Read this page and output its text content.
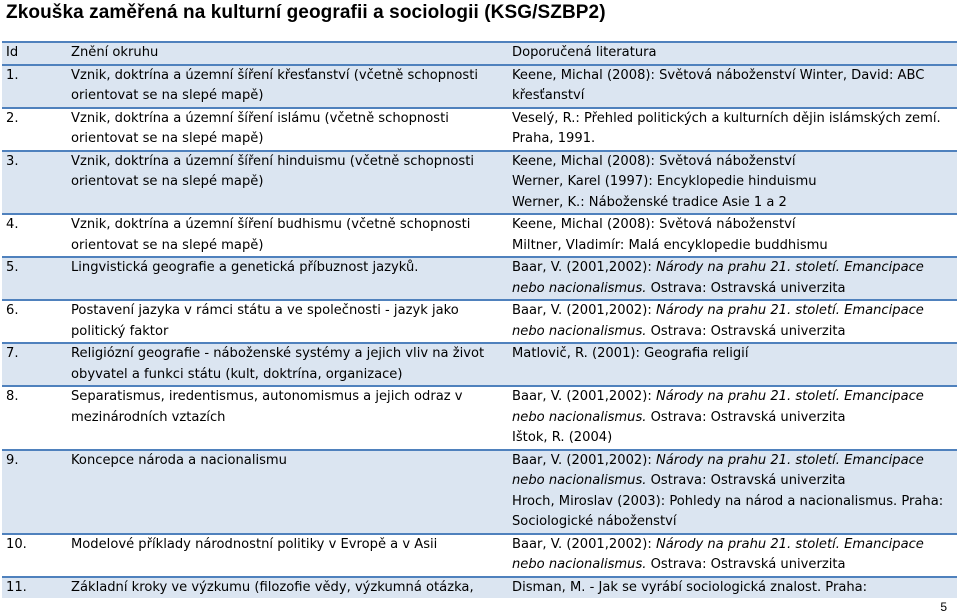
Zkouška zaměřená na kulturní geografii a sociologii (KSG/SZBP2)
Id	Znění okruhu	Doporučená literatura
1.	Vznik, doktrína a územní šíření křesťanství (včetně schopnosti orientovat se na slepé mapě)	Keene, Michal (2008): Světová náboženství Winter, David: ABC křesťanství

2.	Vznik, doktrína a územní šíření islámu (včetně schopnosti orientovat se na slepé mapě)	Veselý, R.: Přehled politických a kulturních dějin islámských zemí. Praha, 1991.

3.	Vznik, doktrína a územní šíření hinduismu (včetně schopnosti orientovat se na slepé mapě)	Keene, Michal (2008): Světová náboženství
Werner, Karel (1997): Encyklopedie hinduismu
Werner, K.: Náboženské tradice Asie 1 a 2

4.	Vznik, doktrína a územní šíření budhismu (včetně schopnosti orientovat se na slepé mapě)	Keene, Michal (2008): Světová náboženství
Miltner, Vladimír: Malá encyklopedie buddhismu

5.	Lingvistická geografie a genetická příbuznost jazyků.	Baar, V. (2001,2002): Národy na prahu 21. století. Emancipace nebo nacionalismus. Ostrava: Ostravská univerzita

6.	Postavení jazyka v rámci státu a ve společnosti - jazyk jako politický faktor	Baar, V. (2001,2002): Národy na prahu 21. století. Emancipace nebo nacionalismus. Ostrava: Ostravská univerzita

7.	Religiózní geografie - náboženské systémy a jejich vliv na život obyvatel a funkci státu (kult, doktrína, organizace)	Matlovič, R. (2001): Geografia religií

8.	Separatismus, iredentismus, autonomismus a jejich odraz v mezinárodních vztazích	Baar, V. (2001,2002): Národy na prahu 21. století. Emancipace nebo nacionalismus. Ostrava: Ostravská univerzita
Ištok, R. (2004)

9.	Koncepce národa a nacionalismu	Baar, V. (2001,2002): Národy na prahu 21. století. Emancipace nebo nacionalismus. Ostrava: Ostravská univerzita
Hroch, Miroslav (2003): Pohledy na národ a nacionalismus. Praha: Sociologické náboženství

10.	Modelové příklady národnostní politiky v Evropě a v Asii	Baar, V. (2001,2002): Národy na prahu 21. století. Emancipace nebo nacionalismus. Ostrava: Ostravská univerzita

11.	Základní kroky ve výzkumu (filozofie vědy, výzkumná otázka,	Disman, M. - Jak se vyrábí sociologická znalost. Praha:
5
